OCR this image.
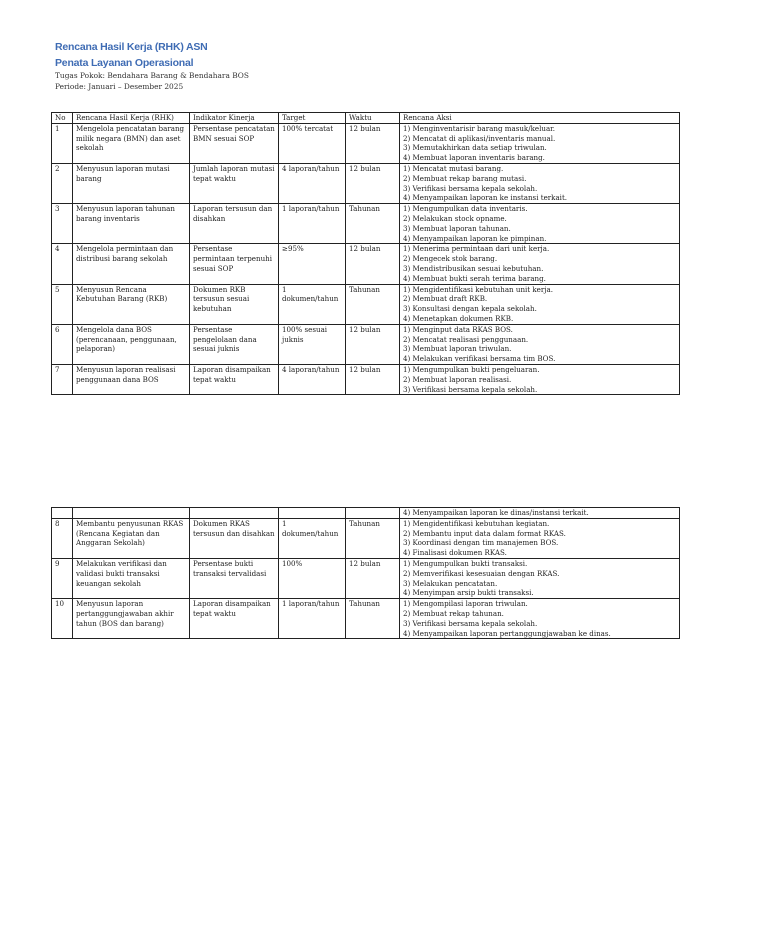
Rencana Hasil Kerja (RHK) ASN
Penata Layanan Operasional
Tugas Pokok: Bendahara Barang & Bendahara BOS
Periode: Januari – Desember 2025
No	Rencana Hasil Kerja (RHK)	Indikator Kinerja	Target	Waktu	Rencana Aksi
1	Mengelola pencatatan barang milik negara (BMN) dan aset sekolah	Persentase pencatatan BMN sesuai SOP	100% tercatat	12 bulan	1) Menginventarisir barang masuk/keluar.
2) Mencatat di aplikasi/inventaris manual.
3) Memutakhirkan data setiap triwulan.
4) Membuat laporan inventaris barang.

2	Menyusun laporan mutasi barang	Jumlah laporan mutasi tepat waktu	4 laporan/tahun	12 bulan	1) Mencatat mutasi barang.
2) Membuat rekap barang mutasi.
3) Verifikasi bersama kepala sekolah.
4) Menyampaikan laporan ke instansi terkait.

3	Menyusun laporan tahunan barang inventaris	Laporan tersusun dan disahkan	1 laporan/tahun	Tahunan	1) Mengumpulkan data inventaris.
2) Melakukan stock opname.
3) Membuat laporan tahunan.
4) Menyampaikan laporan ke pimpinan.

4	Mengelola permintaan dan distribusi barang sekolah	Persentase permintaan terpenuhi sesuai SOP	≥95%	12 bulan	1) Menerima permintaan dari unit kerja.
2) Mengecek stok barang.
3) Mendistribusikan sesuai kebutuhan.
4) Membuat bukti serah terima barang.

5	Menyusun Rencana Kebutuhan Barang (RKB)	Dokumen RKB tersusun sesuai kebutuhan	1 dokumen/tahun	Tahunan	1) Mengidentifikasi kebutuhan unit kerja.
2) Membuat draft RKB.
3) Konsultasi dengan kepala sekolah.
4) Menetapkan dokumen RKB.

6	Mengelola dana BOS (perencanaan, penggunaan, pelaporan)	Persentase pengelolaan dana sesuai juknis	100% sesuai juknis	12 bulan	1) Menginput data RKAS BOS.
2) Mencatat realisasi penggunaan.
3) Membuat laporan triwulan.
4) Melakukan verifikasi bersama tim BOS.

7	Menyusun laporan realisasi penggunaan dana BOS	Laporan disampaikan tepat waktu	4 laporan/tahun	12 bulan	1) Mengumpulkan bukti pengeluaran.
2) Membuat laporan realisasi.
3) Verifikasi bersama kepala sekolah.
					4) Menyampaikan laporan ke dinas/instansi terkait.
8	Membantu penyusunan RKAS (Rencana Kegiatan dan Anggaran Sekolah)	Dokumen RKAS tersusun dan disahkan	1 dokumen/tahun	Tahunan	1) Mengidentifikasi kebutuhan kegiatan.
2) Membantu input data dalam format RKAS.
3) Koordinasi dengan tim manajemen BOS.
4) Finalisasi dokumen RKAS.

9	Melakukan verifikasi dan validasi bukti transaksi keuangan sekolah	Persentase bukti transaksi tervalidasi	100%	12 bulan	1) Mengumpulkan bukti transaksi.
2) Memverifikasi kesesuaian dengan RKAS.
3) Melakukan pencatatan.
4) Menyimpan arsip bukti transaksi.

10	Menyusun laporan pertanggungjawaban akhir tahun (BOS dan barang)	Laporan disampaikan tepat waktu	1 laporan/tahun	Tahunan	1) Mengompilasi laporan triwulan.
2) Membuat rekap tahunan.
3) Verifikasi bersama kepala sekolah.
4) Menyampaikan laporan pertanggungjawaban ke dinas.
